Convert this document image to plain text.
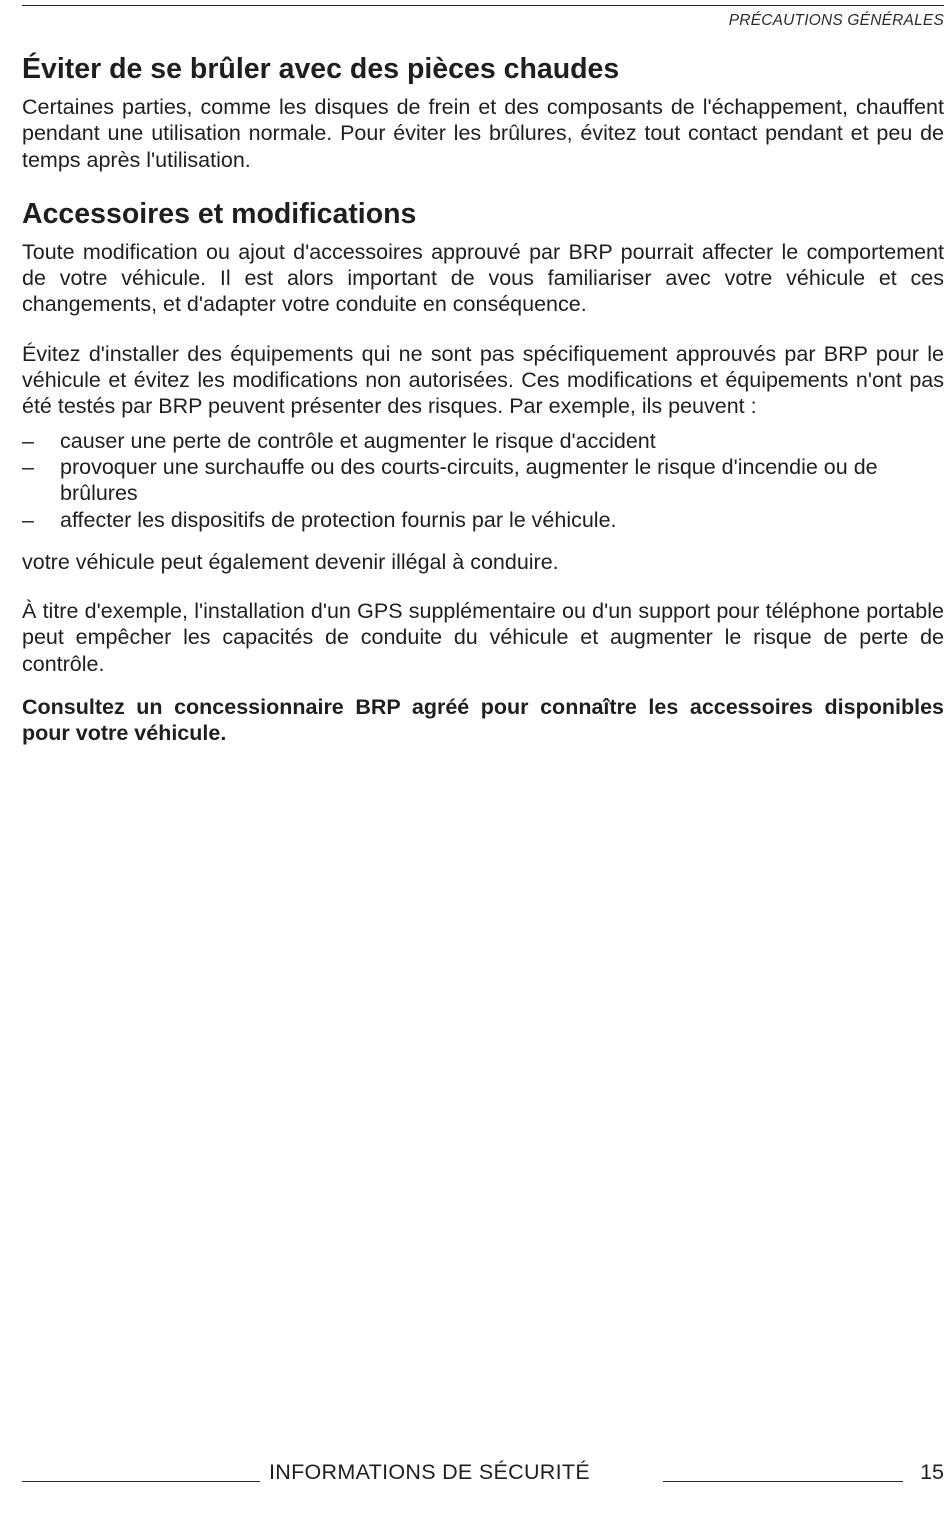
PRÉCAUTIONS GÉNÉRALES
Éviter de se brûler avec des pièces chaudes

Certaines parties, comme les disques de frein et des composants de l'échappement, chauffent pendant une utilisation normale. Pour éviter les brûlures, évitez tout contact pendant et peu de temps après l'utilisation.

Accessoires et modifications

Toute modification ou ajout d'accessoires approuvé par BRP pourrait affecter le comportement de votre véhicule. Il est alors important de vous familiariser avec votre véhicule et ces changements, et d'adapter votre conduite en conséquence.

Évitez d'installer des équipements qui ne sont pas spécifiquement approuvés par BRP pour le véhicule et évitez les modifications non autorisées. Ces modifications et équipements n'ont pas été testés par BRP peuvent présenter des risques. Par exemple, ils peuvent :

– causer une perte de contrôle et augmenter le risque d'accident
– provoquer une surchauffe ou des courts-circuits, augmenter le risque d'incendie ou de brûlures
– affecter les dispositifs de protection fournis par le véhicule.

votre véhicule peut également devenir illégal à conduire.

À titre d'exemple, l'installation d'un GPS supplémentaire ou d'un support pour téléphone portable peut empêcher les capacités de conduite du véhicule et augmenter le risque de perte de contrôle.

Consultez un concessionnaire BRP agréé pour connaître les accessoires disponibles pour votre véhicule.

INFORMATIONS DE SÉCURITÉ	15
